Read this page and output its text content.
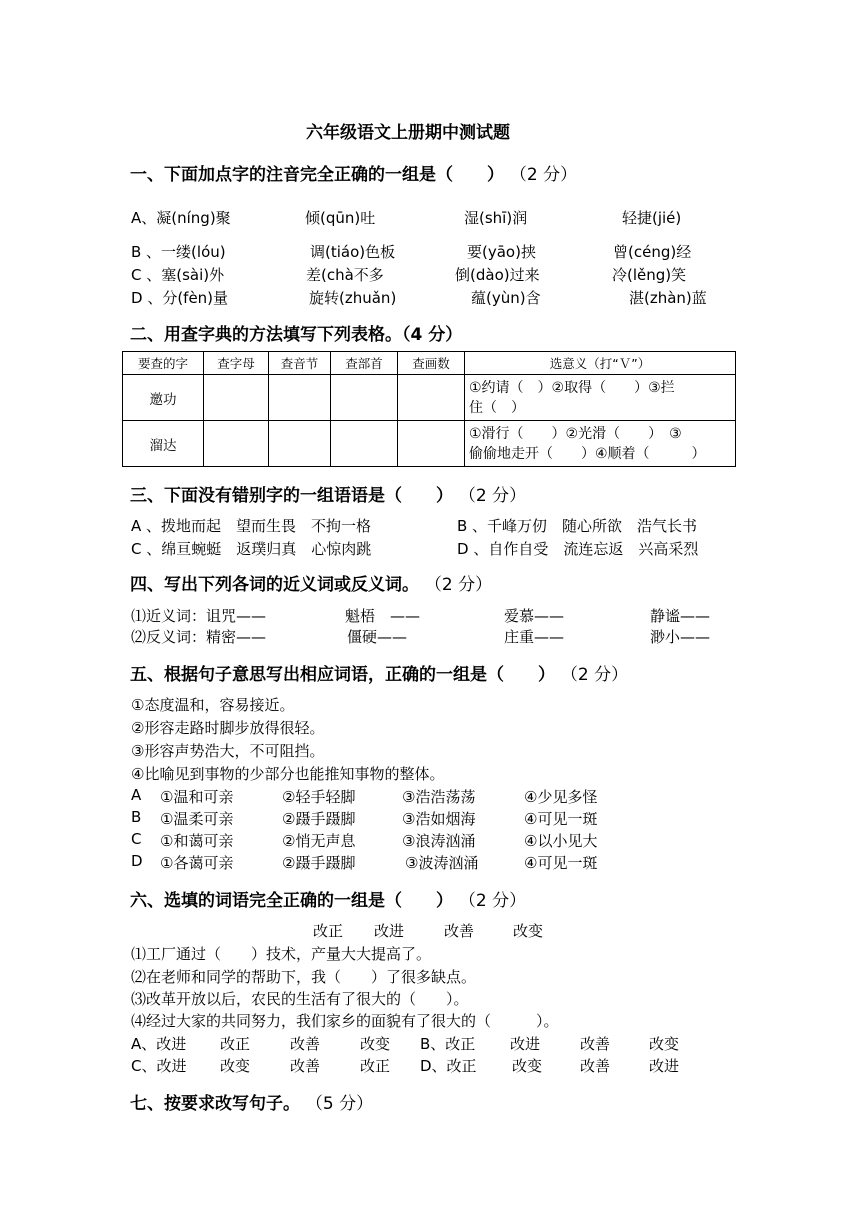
六年级语文上册期中测试题
一、下面加点字的注音完全正确的一组是（　　） （2 分）
A、凝(níng)聚	倾(qūn)吐	湿(shī)润	轻捷(jié)
B 、一缕(lóu)	调(tiáo)色板	要(yāo)挟	曾(céng)经
C 、塞(sài)外	差(chà不多	倒(dào)过来	冷(lěng)笑
D 、分(fèn)量	旋转(zhuǎn)	蕴(yùn)含	湛(zhàn)蓝
二、用查字典的方法填写下列表格。（4 分）
要查的字	查字母	查音节	查部首	查画数	选意义（打“Ｖ”）
邀功					①约请（　）②取得（　　）③拦
住（　）

溜达					①滑行（　　）②光滑（　　）　③
偷偷地走开（　　）④顺着（　　　）
三、下面没有错别字的一组语语是（　　） （2 分）
A 、拨地而起　望而生畏　不拘一格	B 、千峰万仞　随心所欲　浩气长书
C 、绵亘蜿蜓　返璞归真　心惊肉跳	D 、自作自受　流连忘返　兴高采烈
四、写出下列各词的近义词或反义词。 （2 分）
⑴近义词：诅咒——	魁梧　——	爱慕——	静谧——
⑵反义词：精密——	僵硬——	庄重——	渺小——
五、根据句子意思写出相应词语，正确的一组是（　　） （2 分）
①态度温和，容易接近。
②形容走路时脚步放得很轻。
③形容声势浩大，不可阻挡。
④比喻见到事物的少部分也能推知事物的整体。
A ①温和可亲	②轻手轻脚	③浩浩荡荡	④少见多怪
B ①温柔可亲	②蹑手蹑脚	③浩如烟海	④可见一斑
C ①和蔼可亲	②悄无声息	③浪涛汹涌	④以小见大
D ①各蔼可亲	②蹑手蹑脚	③波涛汹涌	④可见一斑
六、选填的词语完全正确的一组是（　　） （2 分）
改正 改进	改善	改变
⑴工厂通过（　　）技术，产量大大提高了。
⑵在老师和同学的帮助下，我（　　）了很多缺点。
⑶改革开放以后，农民的生活有了很大的（　　）。
⑷经过大家的共同努力，我们家乡的面貌有了很大的（　　　）。
A、改进 改正	改善	改变 B、改正 改进	改善	改变
C、改进 改变	改善	改正 D、改正 改变	改善	改进
七、按要求改写句子。 （5 分）
